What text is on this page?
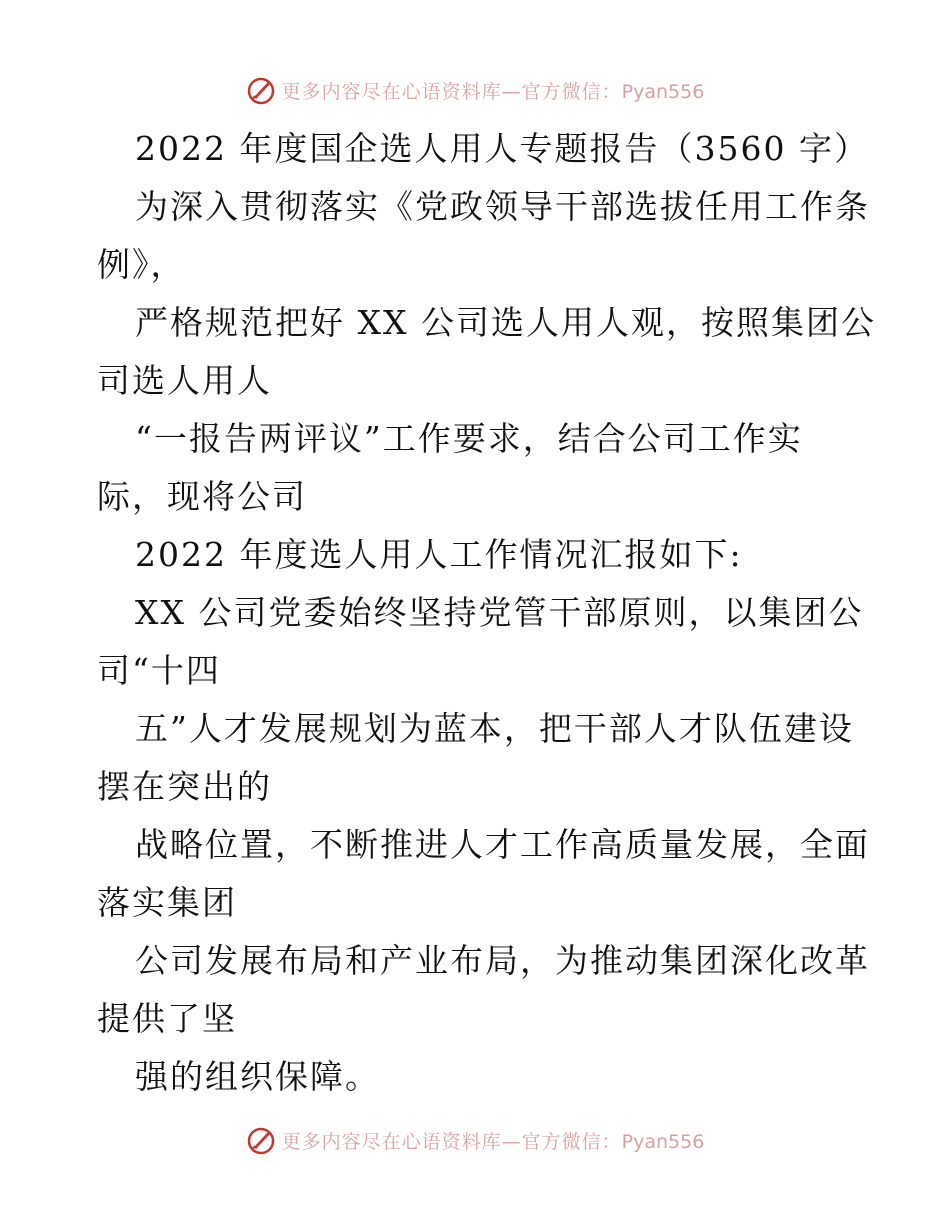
更多内容尽在心语资料库—官方微信：Pyan556
2022 年度国企选人用人专题报告（3560 字）
为深入贯彻落实《党政领导干部选拔任用工作条
例》，
严格规范把好 XX 公司选人用人观，按照集团公
司选人用人
“一报告两评议”工作要求，结合公司工作实
际，现将公司
2022 年度选人用人工作情况汇报如下:
XX 公司党委始终坚持党管干部原则，以集团公
司“十四
五”人才发展规划为蓝本，把干部人才队伍建设
摆在突出的
战略位置，不断推进人才工作高质量发展，全面
落实集团
公司发展布局和产业布局，为推动集团深化改革
提供了坚
强的组织保障。
更多内容尽在心语资料库—官方微信：Pyan556
